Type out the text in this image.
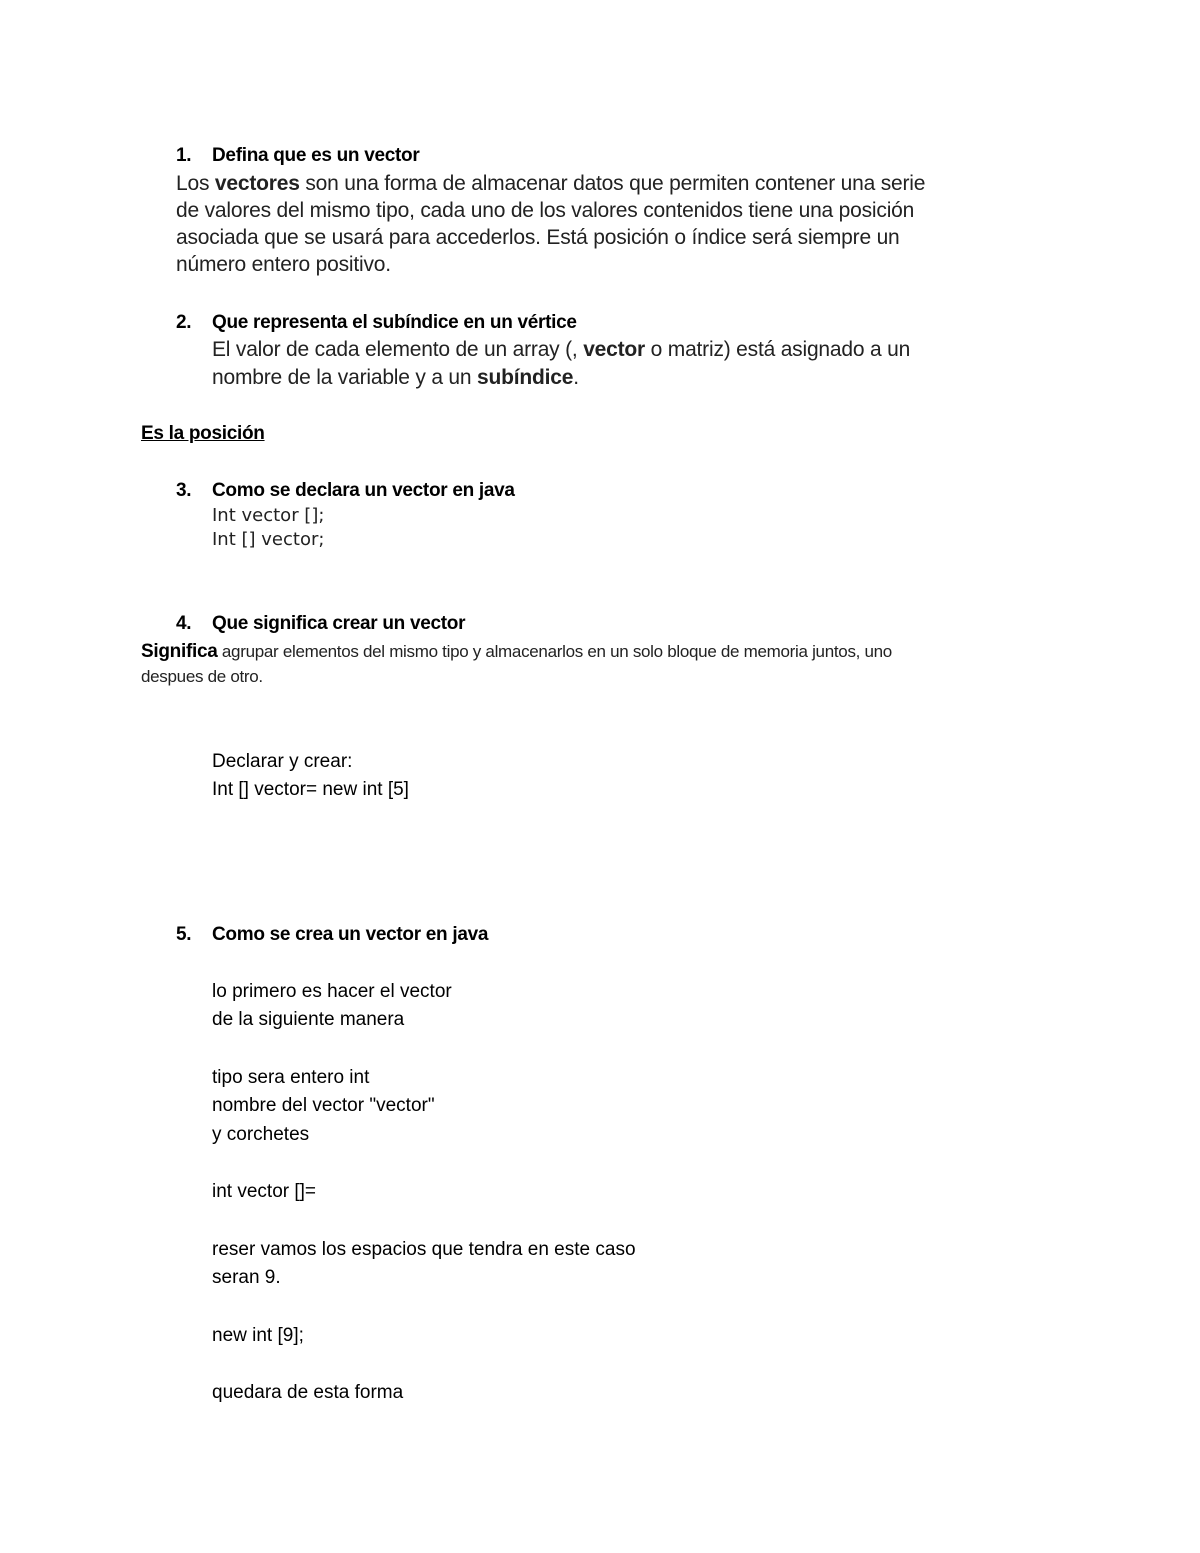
1. Defina que es un vector
Los vectores son una forma de almacenar datos que permiten contener una serie
de valores del mismo tipo, cada uno de los valores contenidos tiene una posición
asociada que se usará para accederlos. Está posición o índice será siempre un
número entero positivo.
2. Que representa el subíndice en un vértice
El valor de cada elemento de un array (, vector o matriz) está asignado a un
nombre de la variable y a un subíndice.
Es la posición
3. Como se declara un vector en java
Int vector [];
Int [] vector;
4. Que significa crear un vector
Significa agrupar elementos del mismo tipo y almacenarlos en un solo bloque de memoria juntos, uno
despues de otro.
Declarar y crear:
Int [] vector= new int [5]
5. Como se crea un vector en java
lo primero es hacer el vector
de la siguiente manera
tipo sera entero int
nombre del vector "vector"
y corchetes
int vector []=
reser vamos los espacios que tendra en este caso
seran 9.
new int [9];
quedara de esta forma
